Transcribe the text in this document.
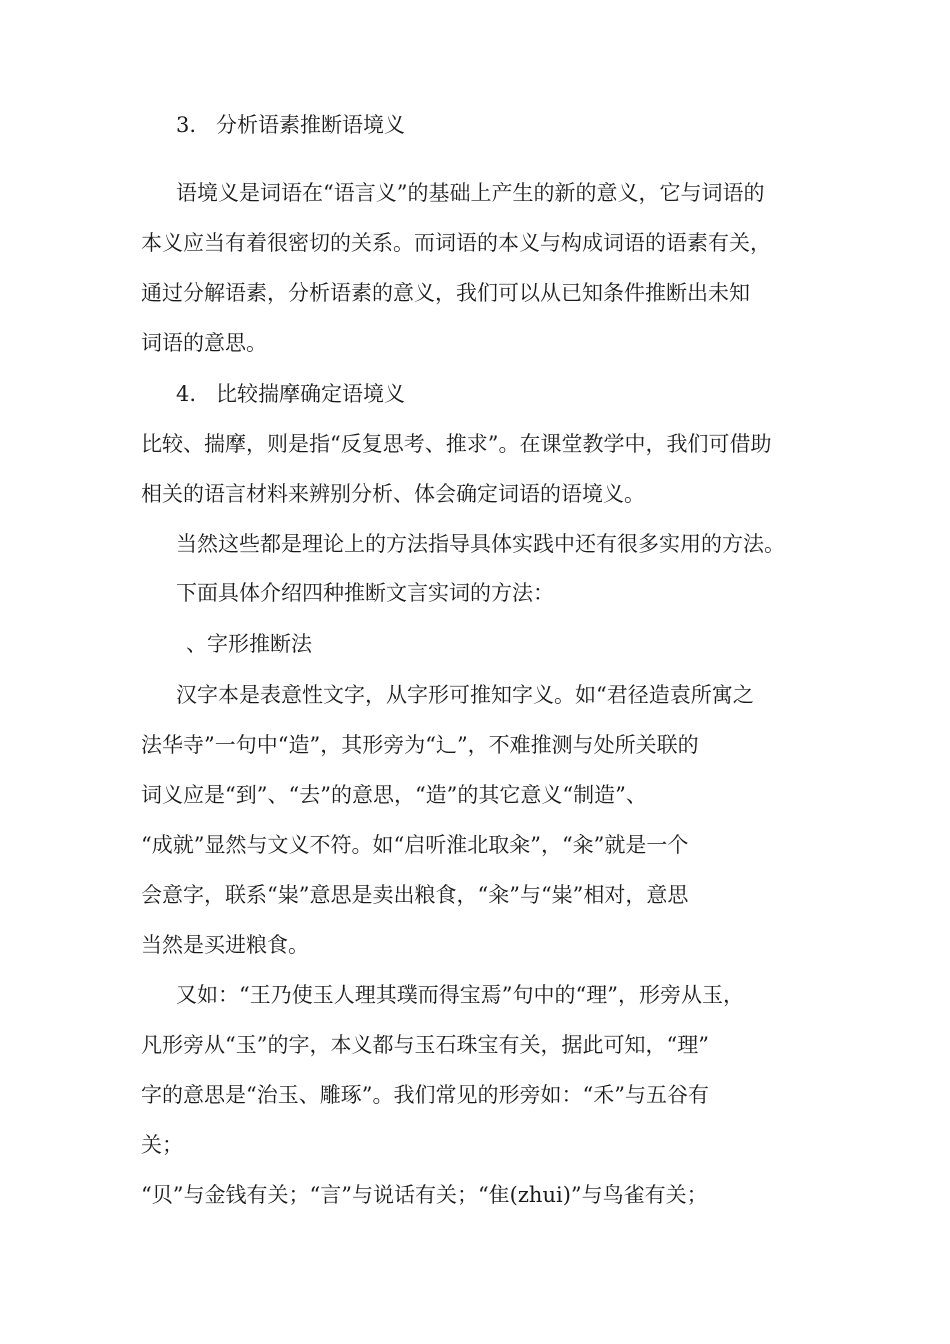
3. 分析语素推断语境义

语境义是词语在“语言义”的基础上产生的新的意义，它与词语的

本义应当有着很密切的关系。而词语的本义与构成词语的语素有关，

通过分解语素，分析语素的意义，我们可以从已知条件推断出未知

词语的意思。

4. 比较揣摩确定语境义

比较、揣摩，则是指“反复思考、推求”。在课堂教学中，我们可借助

相关的语言材料来辨别分析、体会确定词语的语境义。

当然这些都是理论上的方法指导具体实践中还有很多实用的方法。

下面具体介绍四种推断文言实词的方法：

、字形推断法

汉字本是表意性文字，从字形可推知字义。如“君径造袁所寓之

法华寺”一句中“造”，其形旁为“辶”，不难推测与处所关联的

词义应是“到”、“去”的意思，“造”的其它意义“制造”、

“成就”显然与文义不符。如“启听淮北取籴”，“籴”就是一个

会意字，联系“粜”意思是卖出粮食，“籴”与“粜”相对，意思

当然是买进粮食。

又如：“王乃使玉人理其璞而得宝焉”句中的“理”，形旁从玉，

凡形旁从“玉”的字，本义都与玉石珠宝有关，据此可知，“理”

字的意思是“治玉、雕琢”。我们常见的形旁如：“禾”与五谷有

关；

“贝”与金钱有关；“言”与说话有关；“隹(zhui)”与鸟雀有关；
